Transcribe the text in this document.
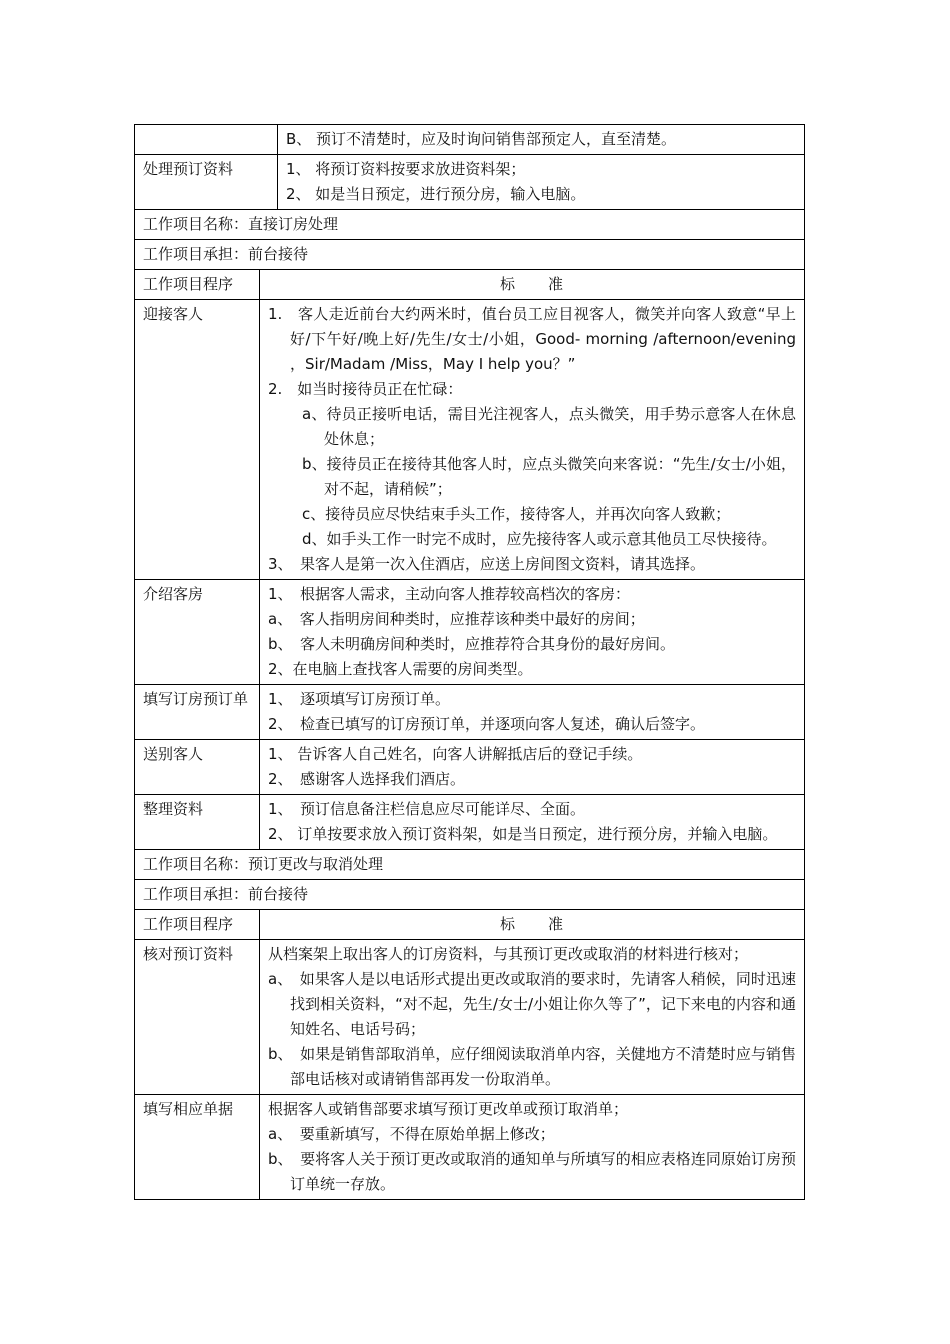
B、 预订不清楚时，应及时询问销售部预定人，直至清楚。
处理预订资料	1、 将预订资料按要求放进资料架；
2、 如是当日预定，进行预分房，输入电脑。
工作项目名称：直接订房处理
工作项目承担：前台接待
工作项目程序	标　　准
迎接客人	1.　客人走近前台大约两米时，值台员工应目视客人，微笑并向客人致意“早上好/下午好/晚上好/先生/女士/小姐，Good- morning /afternoon/evening ，Sir/Madam /Miss，May I help you？”
2.　如当时接待员正在忙碌：
a、待员正接听电话，需目光注视客人，点头微笑，用手势示意客人在休息处休息；
b、接待员正在接待其他客人时，应点头微笑向来客说：“先生/女士/小姐，对不起，请稍候”；
c、接待员应尽快结束手头工作，接待客人，并再次向客人致歉；
d、如手头工作一时完不成时，应先接待客人或示意其他员工尽快接待。
3、　果客人是第一次入住酒店，应送上房间图文资料，请其选择。
介绍客房	1、　根据客人需求，主动向客人推荐较高档次的客房：
a、　客人指明房间种类时，应推荐该种类中最好的房间；
b、　客人未明确房间种类时，应推荐符合其身份的最好房间。
2、在电脑上查找客人需要的房间类型。
填写订房预订单	1、　逐项填写订房预订单。
2、　检查已填写的订房预订单，并逐项向客人复述，确认后签字。
送别客人	1、 告诉客人自己姓名，向客人讲解抵店后的登记手续。
2、　感谢客人选择我们酒店。
整理资料	1、　预订信息备注栏信息应尽可能详尽、全面。
2、 订单按要求放入预订资料架，如是当日预定，进行预分房，并输入电脑。
工作项目名称：预订更改与取消处理
工作项目承担：前台接待
工作项目程序	标　　准
核对预订资料	从档案架上取出客人的订房资料，与其预订更改或取消的材料进行核对；
a、　如果客人是以电话形式提出更改或取消的要求时，先请客人稍候，同时迅速找到相关资料，“对不起，先生/女士/小姐让你久等了”，记下来电的内容和通知姓名、电话号码；
b、　如果是销售部取消单，应仔细阅读取消单内容，关健地方不清楚时应与销售部电话核对或请销售部再发一份取消单。
填写相应单据	根据客人或销售部要求填写预订更改单或预订取消单；
a、　要重新填写，不得在原始单据上修改；
b、　要将客人关于预订更改或取消的通知单与所填写的相应表格连同原始订房预订单统一存放。
